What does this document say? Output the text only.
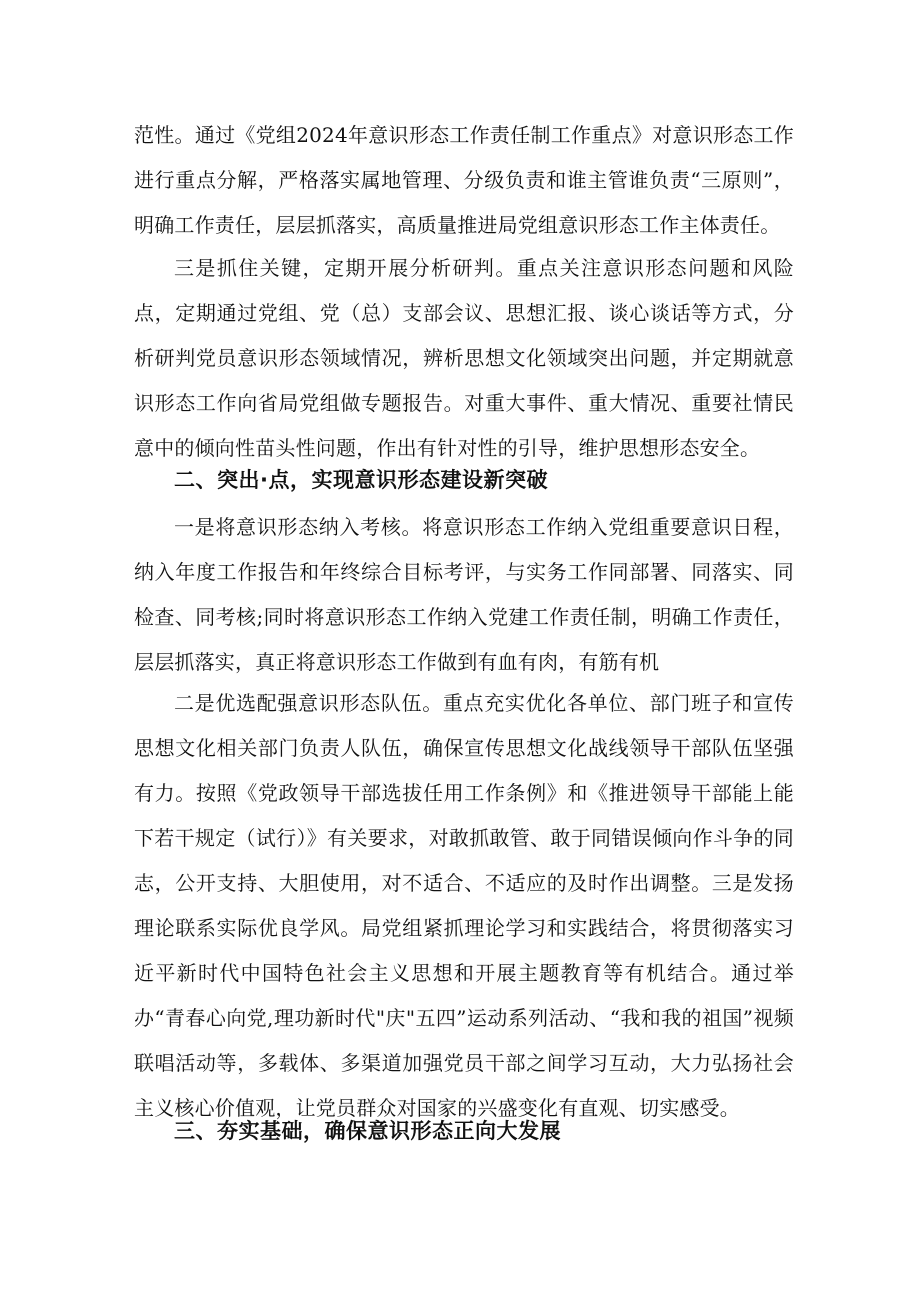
范性。通过《党组2024年意识形态工作责任制工作重点》对意识形态工作进行重点分解，严格落实属地管理、分级负责和谁主管谁负责“三原则”，明确工作责任，层层抓落实，高质量推进局党组意识形态工作主体责任。

三是抓住关键，定期开展分析研判。重点关注意识形态问题和风险点，定期通过党组、党（总）支部会议、思想汇报、谈心谈话等方式，分析研判党员意识形态领域情况，辨析思想文化领域突出问题，并定期就意识形态工作向省局党组做专题报告。对重大事件、重大情况、重要社情民意中的倾向性苗头性问题，作出有针对性的引导，维护思想形态安全。

二、突出·点，实现意识形态建设新突破

一是将意识形态纳入考核。将意识形态工作纳入党组重要意识日程，纳入年度工作报告和年终综合目标考评，与实务工作同部署、同落实、同检查、同考核;同时将意识形态工作纳入党建工作责任制，明确工作责任，层层抓落实，真正将意识形态工作做到有血有肉，有筋有机

二是优选配强意识形态队伍。重点充实优化各单位、部门班子和宣传思想文化相关部门负责人队伍，确保宣传思想文化战线领导干部队伍坚强有力。按照《党政领导干部选拔任用工作条例》和《推进领导干部能上能下若干规定（试行）》有关要求，对敢抓敢管、敢于同错误倾向作斗争的同志，公开支持、大胆使用，对不适合、不适应的及时作出调整。三是发扬理论联系实际优良学风。局党组紧抓理论学习和实践结合，将贯彻落实习近平新时代中国特色社会主义思想和开展主题教育等有机结合。通过举办“青春心向党,理功新时代"庆"五四”运动系列活动、“我和我的祖国”视频联唱活动等，多载体、多渠道加强党员干部之间学习互动，大力弘扬社会主义核心价值观，让党员群众对国家的兴盛变化有直观、切实感受。

三、夯实基础，确保意识形态正向大发展
